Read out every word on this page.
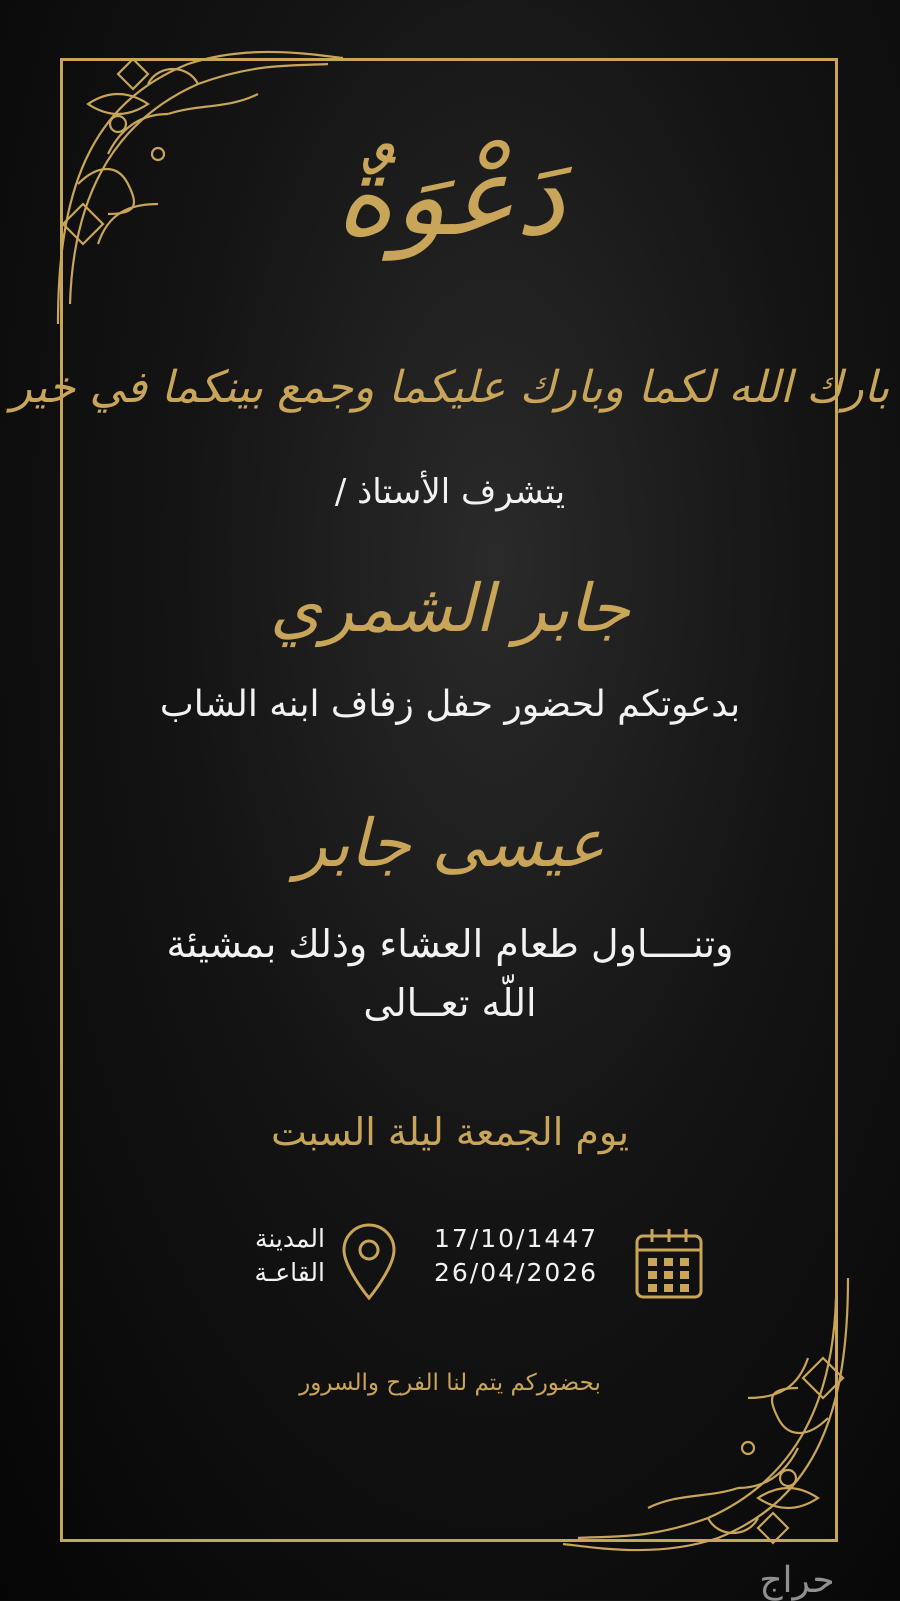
دَعْوَةٌ

بارك الله لكما وبارك عليكما وجمع بينكما في خير

يتشرف الأستاذ /

جابر الشمري

بدعوتكم لحضور حفل زفاف ابنه الشاب

عيسى جابر

وتنــــاول طعام العشاء وذلك بمشيئة
اللّه تعــالى

يوم الجمعة ليلة السبت

المدينة
القاعـة
17/10/1447
26/04/2026

بحضوركم يتم لنا الفرح والسرور

حراج
